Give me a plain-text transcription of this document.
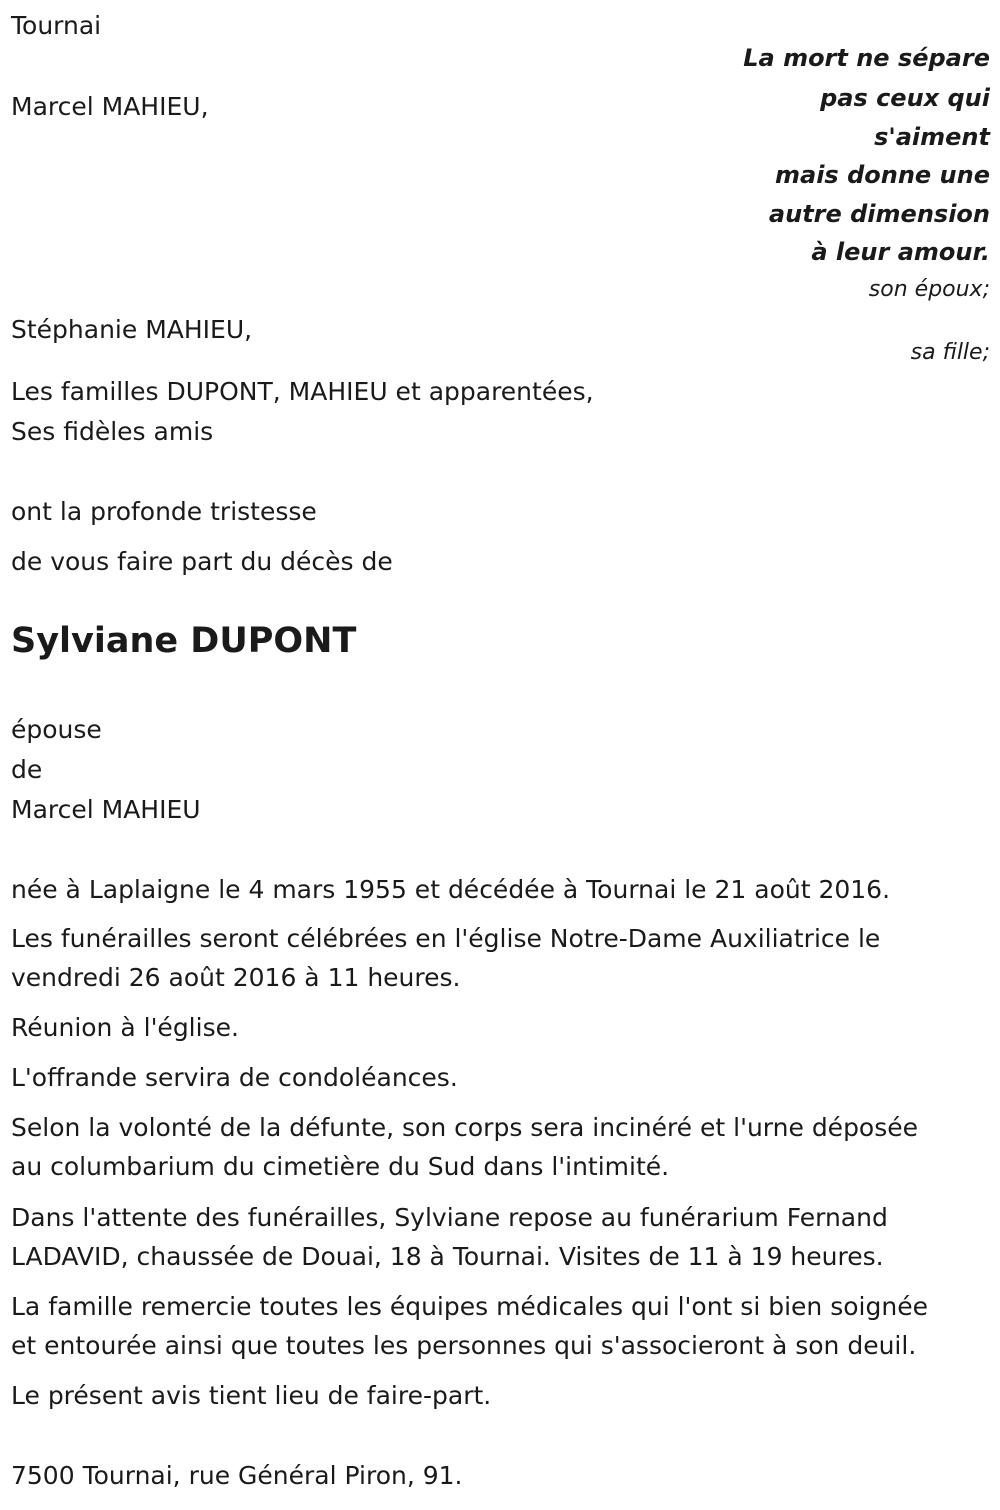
Tournai
La mort ne sépare
pas ceux qui
s'aiment
mais donne une
autre dimension
à leur amour.
Marcel MAHIEU,
son époux;
Stéphanie MAHIEU,
sa fille;
Les familles DUPONT, MAHIEU et apparentées,
Ses fidèles amis
ont la profonde tristesse
de vous faire part du décès de
Sylviane DUPONT
épouse
de
Marcel MAHIEU
née à Laplaigne le 4 mars 1955 et décédée à Tournai le 21 août 2016.
Les funérailles seront célébrées en l'église Notre-Dame Auxiliatrice le
vendredi 26 août 2016 à 11 heures.
Réunion à l'église.
L'offrande servira de condoléances.
Selon la volonté de la défunte, son corps sera incinéré et l'urne déposée
au columbarium du cimetière du Sud dans l'intimité.
Dans l'attente des funérailles, Sylviane repose au funérarium Fernand
LADAVID, chaussée de Douai, 18 à Tournai. Visites de 11 à 19 heures.
La famille remercie toutes les équipes médicales qui l'ont si bien soignée
et entourée ainsi que toutes les personnes qui s'associeront à son deuil.
Le présent avis tient lieu de faire-part.
7500 Tournai, rue Général Piron, 91.
